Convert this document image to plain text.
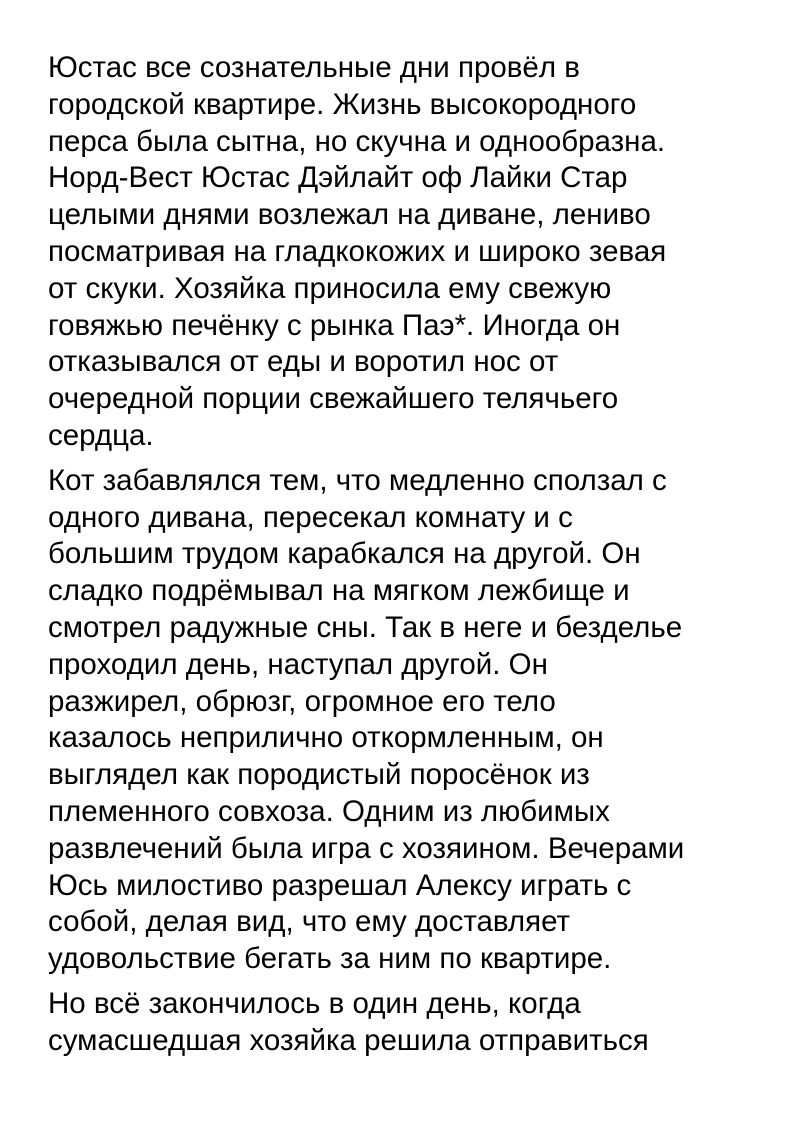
Юстас все сознательные дни провёл в
городской квартире. Жизнь высокородного
перса была сытна, но скучна и однообразна.
Норд-Вест Юстас Дэйлайт оф Лайки Стар
целыми днями возлежал на диване, лениво
посматривая на гладкокожих и широко зевая
от скуки. Хозяйка приносила ему свежую
говяжью печёнку с рынка Паэ*. Иногда он
отказывался от еды и воротил нос от
очередной порции свежайшего телячьего
сердца.

Кот забавлялся тем, что медленно сползал с
одного дивана, пересекал комнату и с
большим трудом карабкался на другой. Он
сладко подрёмывал на мягком лежбище и
смотрел радужные сны. Так в неге и безделье
проходил день, наступал другой. Он
разжирел, обрюзг, огромное его тело
казалось неприлично откормленным, он
выглядел как породистый поросёнок из
племенного совхоза. Одним из любимых
развлечений была игра с хозяином. Вечерами
Юсь милостиво разрешал Алексу играть с
собой, делая вид, что ему доставляет
удовольствие бегать за ним по квартире.

Но всё закончилось в один день, когда
сумасшедшая хозяйка решила отправиться
